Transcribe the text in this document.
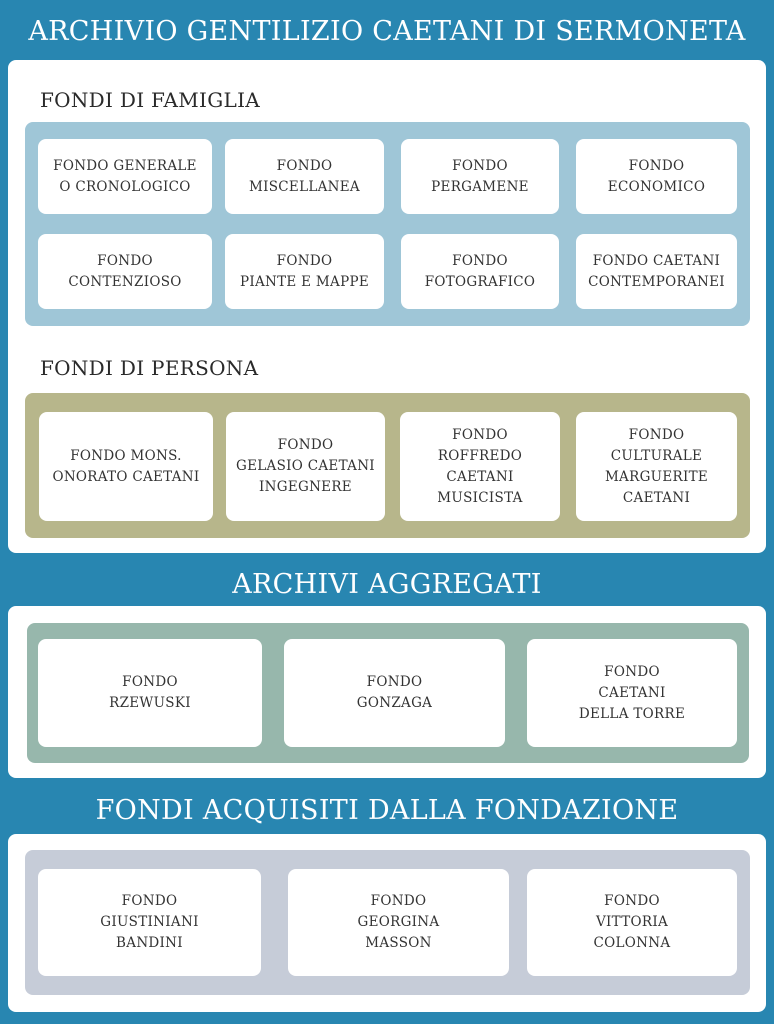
ARCHIVIO GENTILIZIO CAETANI DI SERMONETA
FONDI DI FAMIGLIA
FONDO GENERALE
O CRONOLOGICO
FONDO
MISCELLANEA
FONDO
PERGAMENE
FONDO
ECONOMICO
FONDO
CONTENZIOSO
FONDO
PIANTE E MAPPE
FONDO
FOTOGRAFICO
FONDO CAETANI
CONTEMPORANEI
FONDI DI PERSONA
FONDO MONS.
ONORATO CAETANI
FONDO
GELASIO CAETANI
INGEGNERE
FONDO
ROFFREDO
CAETANI
MUSICISTA
FONDO
CULTURALE
MARGUERITE
CAETANI
ARCHIVI AGGREGATI
FONDO
RZEWUSKI
FONDO
GONZAGA
FONDO
CAETANI
DELLA TORRE
FONDI ACQUISITI DALLA FONDAZIONE
FONDO
GIUSTINIANI
BANDINI
FONDO
GEORGINA
MASSON
FONDO
VITTORIA
COLONNA
